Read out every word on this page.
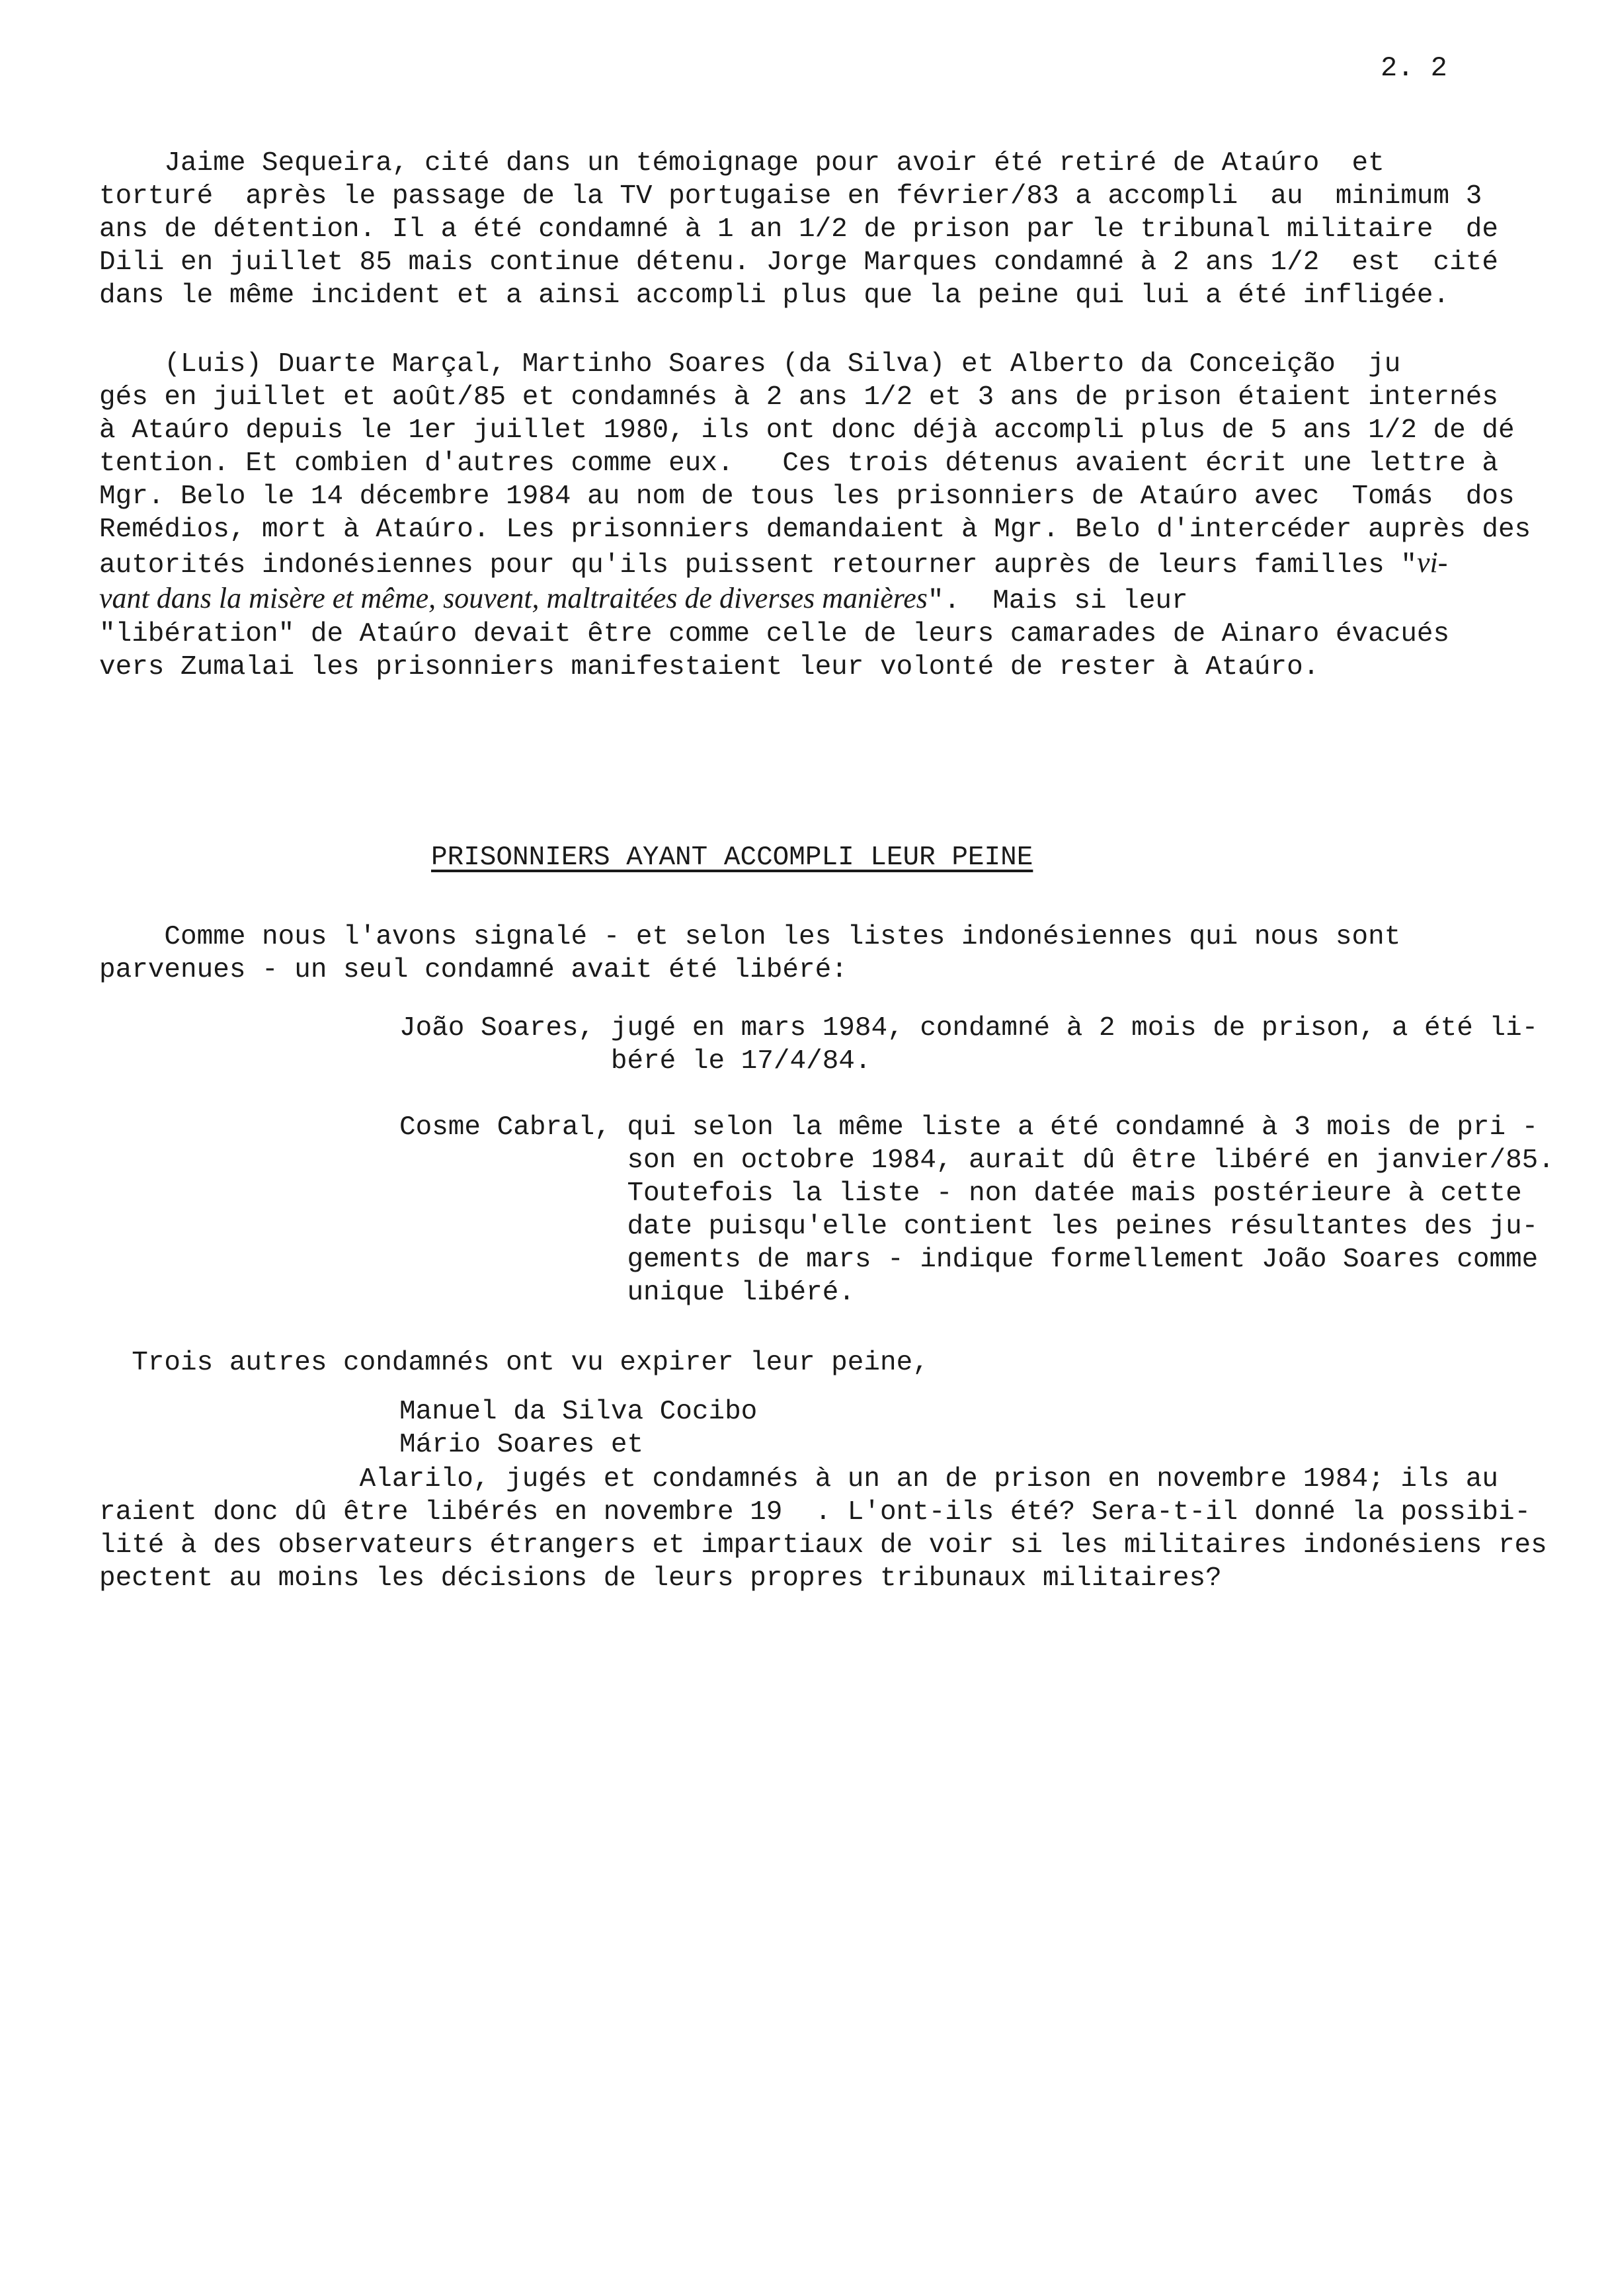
2. 2

Jaime Sequeira, cité dans un témoignage pour avoir été retiré de Ataúro  et

torturé  après le passage de la TV portugaise en février/83 a accompli  au  minimum 3

ans de détention. Il a été condamné à 1 an 1/2 de prison par le tribunal militaire  de

Dili en juillet 85 mais continue détenu. Jorge Marques condamné à 2 ans 1/2  est  cité

dans le même incident et a ainsi accompli plus que la peine qui lui a été infligée.

(Luis) Duarte Marçal, Martinho Soares (da Silva) et Alberto da Conceição  ju

gés en juillet et août/85 et condamnés à 2 ans 1/2 et 3 ans de prison étaient internés

à Ataúro depuis le 1er juillet 1980, ils ont donc déjà accompli plus de 5 ans 1/2 de dé

tention. Et combien d'autres comme eux.   Ces trois détenus avaient écrit une lettre à

Mgr. Belo le 14 décembre 1984 au nom de tous les prisonniers de Ataúro avec  Tomás  dos

Remédios, mort à Ataúro. Les prisonniers demandaient à Mgr. Belo d'intercéder auprès des

autorités indonésiennes pour qu'ils puissent retourner auprès de leurs familles "vi-

vant dans la misère et même, souvent, maltraitées de diverses manières".  Mais si leur

"libération" de Ataúro devait être comme celle de leurs camarades de Ainaro évacués

vers Zumalai les prisonniers manifestaient leur volonté de rester à Ataúro.

PRISONNIERS AYANT ACCOMPLI LEUR PEINE

Comme nous l'avons signalé - et selon les listes indonésiennes qui nous sont

parvenues - un seul condamné avait été libéré:

João Soares, jugé en mars 1984, condamné à 2 mois de prison, a été li-

béré le 17/4/84.

Cosme Cabral, qui selon la même liste a été condamné à 3 mois de pri -

son en octobre 1984, aurait dû être libéré en janvier/85.

Toutefois la liste - non datée mais postérieure à cette

date puisqu'elle contient les peines résultantes des ju-

gements de mars - indique formellement João Soares comme

unique libéré.

Trois autres condamnés ont vu expirer leur peine,

Manuel da Silva Cocibo

Mário Soares et

Alarilo, jugés et condamnés à un an de prison en novembre 1984; ils au

raient donc dû être libérés en novembre 19  . L'ont-ils été? Sera-t-il donné la possibi-

lité à des observateurs étrangers et impartiaux de voir si les militaires indonésiens res

pectent au moins les décisions de leurs propres tribunaux militaires?
